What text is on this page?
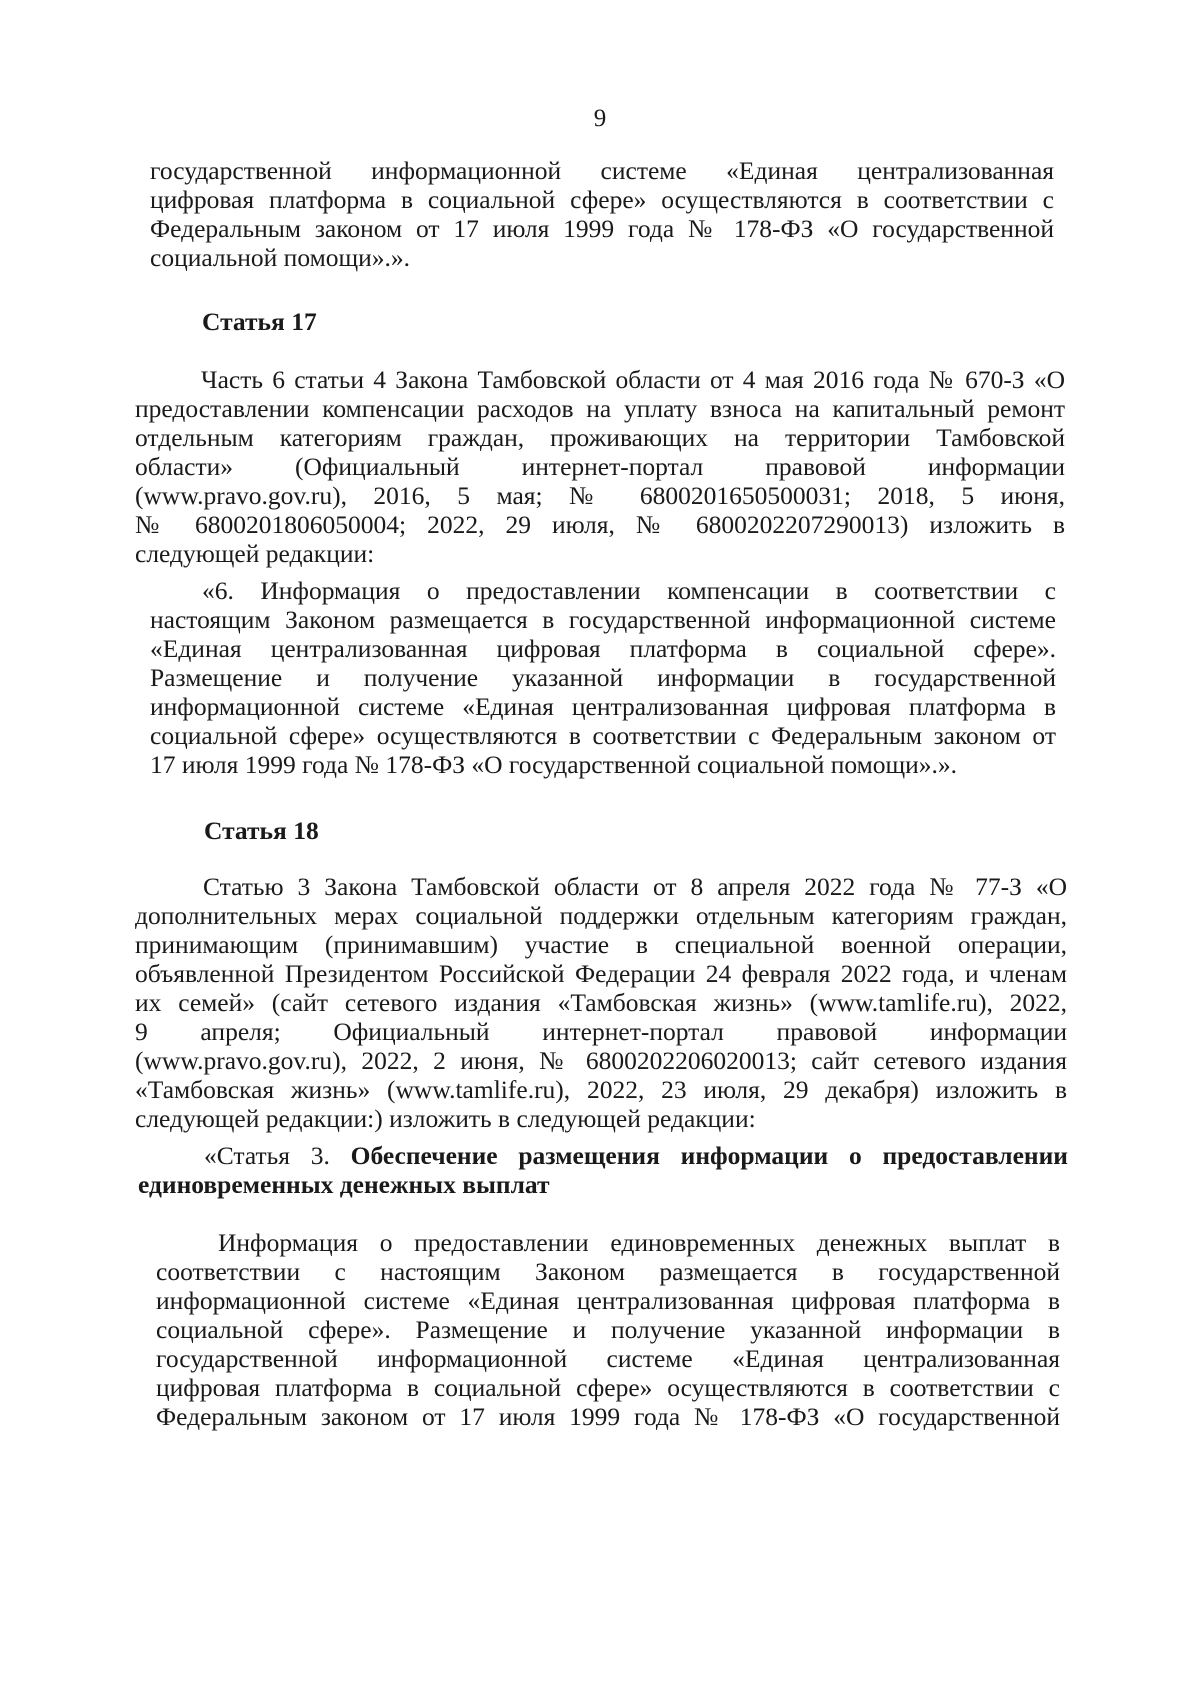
9
государственной информационной системе «Единая централизованная
цифровая платформа в социальной сфере» осуществляются в соответствии с
Федеральным законом от 17 июля 1999 года № 178-ФЗ «О государственной
социальной помощи».».
Статья 17
Часть 6 статьи 4 Закона Тамбовской области от 4 мая 2016 года № 670-З «О
предоставлении компенсации расходов на уплату взноса на капитальный ремонт
отдельным категориям граждан, проживающих на территории Тамбовской
области» (Официальный интернет-портал правовой информации
(www.pravo.gov.ru), 2016, 5 мая; № 6800201650500031; 2018, 5 июня,
№ 6800201806050004; 2022, 29 июля, № 6800202207290013) изложить в
следующей редакции:
«6. Информация о предоставлении компенсации в соответствии с
настоящим Законом размещается в государственной информационной системе
«Единая централизованная цифровая платформа в социальной сфере».
Размещение и получение указанной информации в государственной
информационной системе «Единая централизованная цифровая платформа в
социальной сфере» осуществляются в соответствии с Федеральным законом от
17 июля 1999 года № 178-ФЗ «О государственной социальной помощи».».
Статья 18
Статью 3 Закона Тамбовской области от 8 апреля 2022 года № 77-З «О
дополнительных мерах социальной поддержки отдельным категориям граждан,
принимающим (принимавшим) участие в специальной военной операции,
объявленной Президентом Российской Федерации 24 февраля 2022 года, и членам
их семей» (сайт сетевого издания «Тамбовская жизнь» (www.tamlife.ru), 2022,
9 апреля; Официальный интернет-портал правовой информации
(www.pravo.gov.ru), 2022, 2 июня, № 6800202206020013; сайт сетевого издания
«Тамбовская жизнь» (www.tamlife.ru), 2022, 23 июля, 29 декабря) изложить в
следующей редакции:) изложить в следующей редакции:
«Статья 3. Обеспечение размещения информации о предоставлении
единовременных денежных выплат
Информация о предоставлении единовременных денежных выплат в
соответствии с настоящим Законом размещается в государственной
информационной системе «Единая централизованная цифровая платформа в
социальной сфере». Размещение и получение указанной информации в
государственной информационной системе «Единая централизованная
цифровая платформа в социальной сфере» осуществляются в соответствии с
Федеральным законом от 17 июля 1999 года № 178-ФЗ «О государственной
